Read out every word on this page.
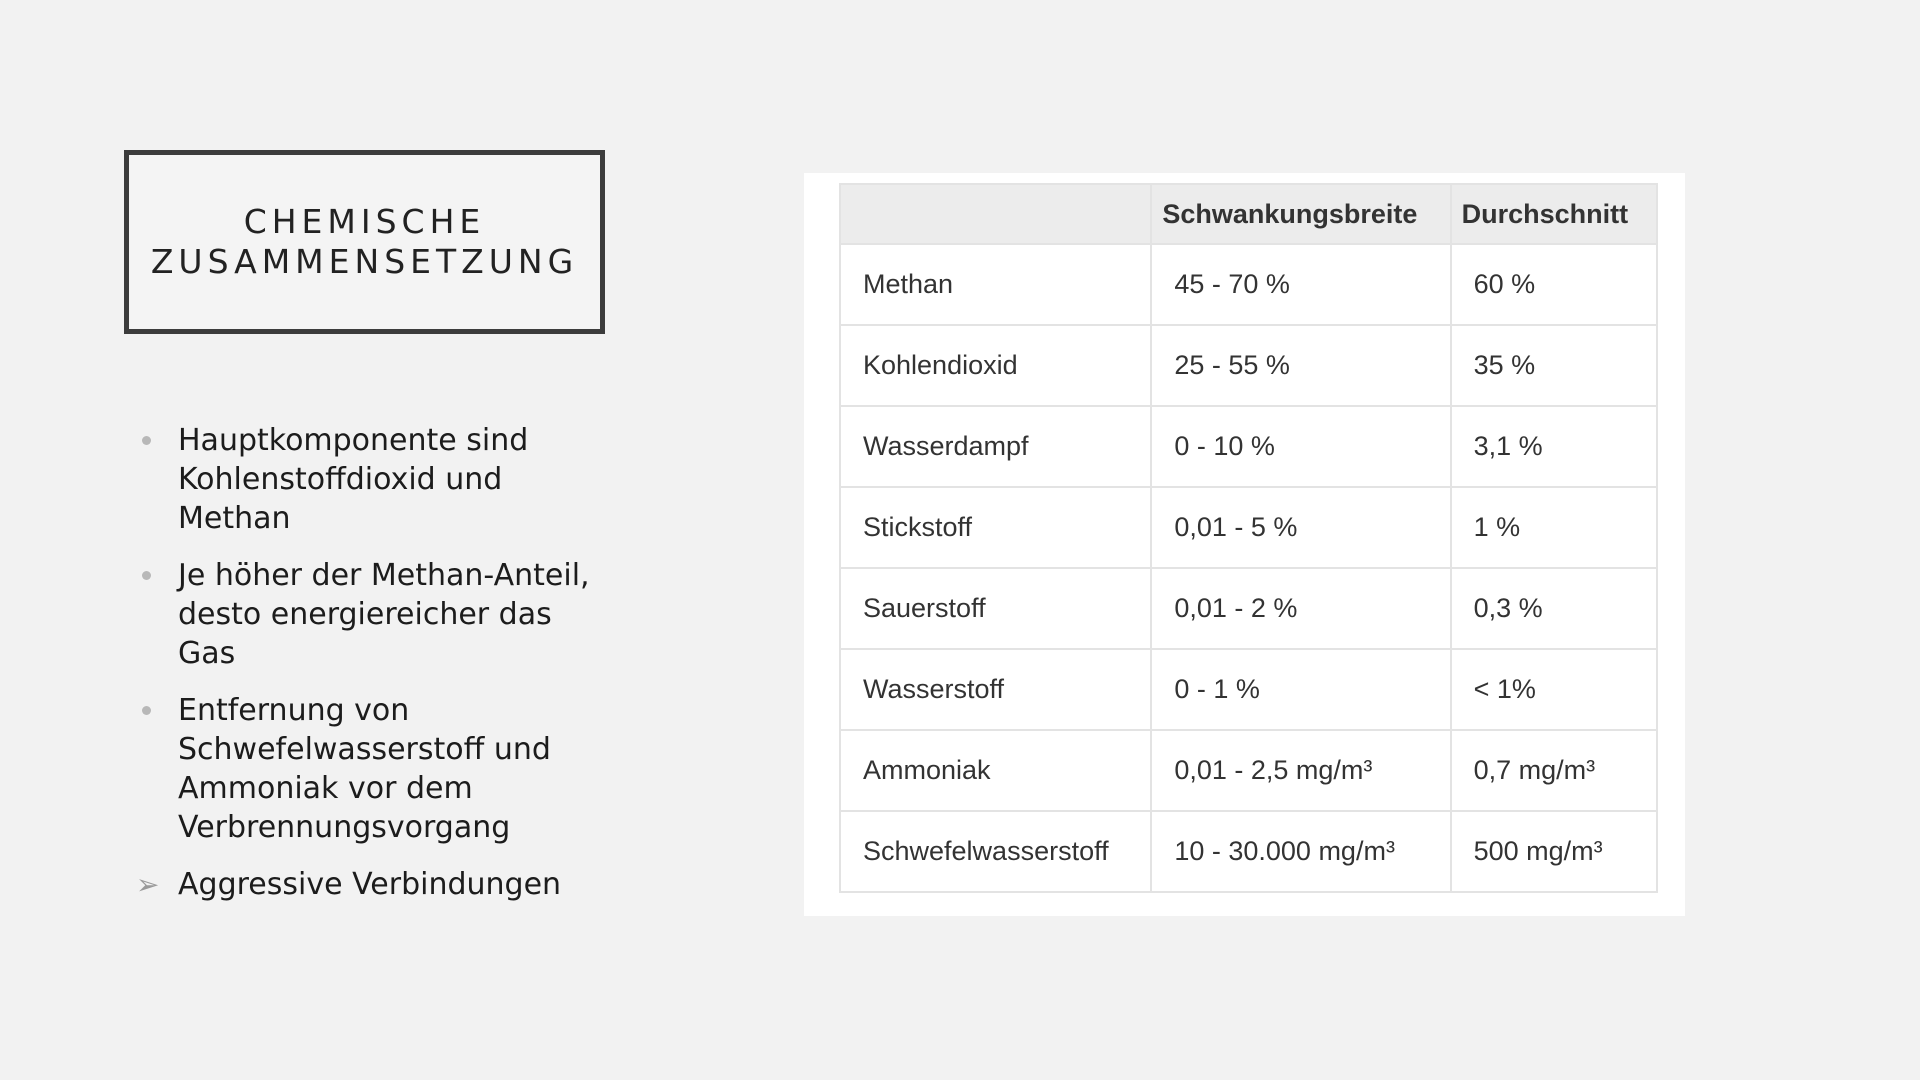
CHEMISCHE
ZUSAMMENSETZUNG
Hauptkomponente sind Kohlenstoffdioxid und Methan
Je höher der Methan-Anteil, desto energiereicher das Gas
Entfernung von Schwefelwasserstoff und Ammoniak vor dem Verbrennungsvorgang
➢ Aggressive Verbindungen
	Schwankungsbreite	Durchschnitt
Methan	45 - 70 %	60 %
Kohlendioxid	25 - 55 %	35 %
Wasserdampf	0 - 10 %	3,1 %
Stickstoff	0,01 - 5 %	1 %
Sauerstoff	0,01 - 2 %	0,3 %
Wasserstoff	0 - 1 %	< 1%
Ammoniak	0,01 - 2,5 mg/m³	0,7 mg/m³
Schwefelwasserstoff	10 - 30.000 mg/m³	500 mg/m³
